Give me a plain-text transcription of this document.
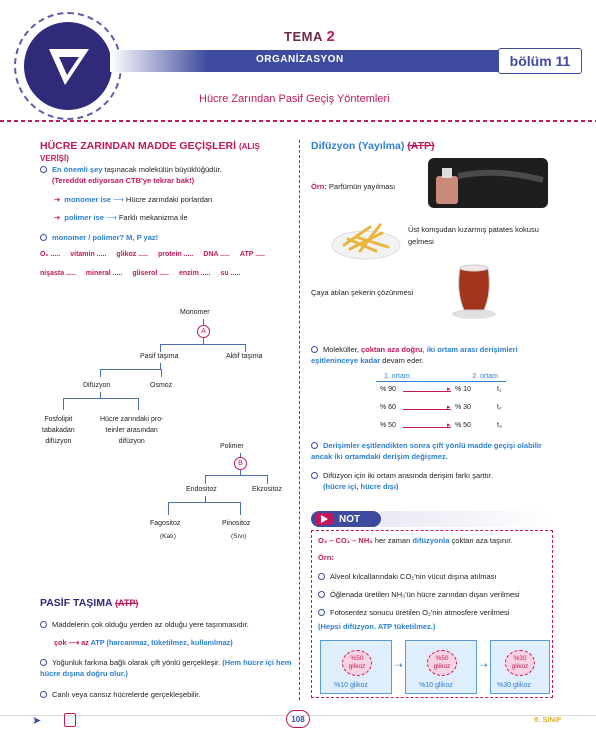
TEMA 2
ORGANİZASYON	bölüm 11
Hücre Zarından Pasif Geçiş Yöntemleri
HÜCRE ZARINDAN MADDE GEÇİŞLERİ (ALIŞ VERİŞİ)
En önemli şey taşınacak molekülün büyüklüğüdür.
(Tereddüt ediyorsan CTB'ye tekrar bak!)
➔ monomer ise ⟶ Hücre zarındaki porlardan
➔ polimer ise ⟶ Farklı mekanizma ile
monomer / polimer? M, P yaz!
O₂ ..... vitamin ..... glikoz ..... protein ..... DNA ..... ATP .....
nişasta ..... mineral ..... gliserol ..... enzim ..... su .....
Monomer
A
Pasif taşıma	Aktif taşıma
Difüzyon	Osmoz
Fosfolipit
tabakadan
difüzyon
Hücre zarındaki pro-
teinler arasından
difüzyon
Polimer
B
Endositoz	Ekzositoz
Fagositoz
(Katı)
Pinositoz
(Sıvı)
PASİF TAŞIMA (ATP)
Maddelerin çok olduğu yerden az olduğu yere taşınmasıdır.
çok ⟶ az ATP (harcanmaz, tüketilmez, kullanılmaz)
Yoğunluk farkına bağlı olarak çift yönlü gerçekleşir. (Hem hücre içi hem hücre dışına doğru olur.)
Canlı veya cansız hücrelerde gerçekleşebilir.
Difüzyon (Yayılma) (ATP)
Örn: Parfümün yayılması
Üst komşudan kızarmış patates kokusu gelmesi
Çaya atılan şekerin çözünmesi
Moleküller, çoktan aza doğru, iki ortam arası derişimleri eşitleninceye kadar devam eder.
1. ortam	2. ortam
% 90	% 10	t₁
▸
% 60	% 30	t₂
▸
% 50	% 50	t₃
▸
Derişimler eşitlendikten sonra çift yönlü madde geçişi olabilir ancak iki ortamdaki derişim değişmez.
Difüzyon için iki ortam arasında derişim farkı şarttır.
(hücre içi, hücre dışı)
NOT
O₂ – CO₂ – NH₃ her zaman difüzyonla çoktan aza taşınır.
Örn:
Alveol kılcallarındaki CO₂'nin vücut dışına atılması
Öğlenada üretilen NH₃'ün hücre zarından dışarı verilmesi
Fotosentez sonucu üretilen O₂'nin atmosfere verilmesi
(Hepsi difüzyon. ATP tüketilmez.)
%50
glikoz
%10 glikoz
⇢
%50
glikoz
%10 glikoz
⇢
%30
glikoz
%30 glikoz
➤	108	9. SINIF
